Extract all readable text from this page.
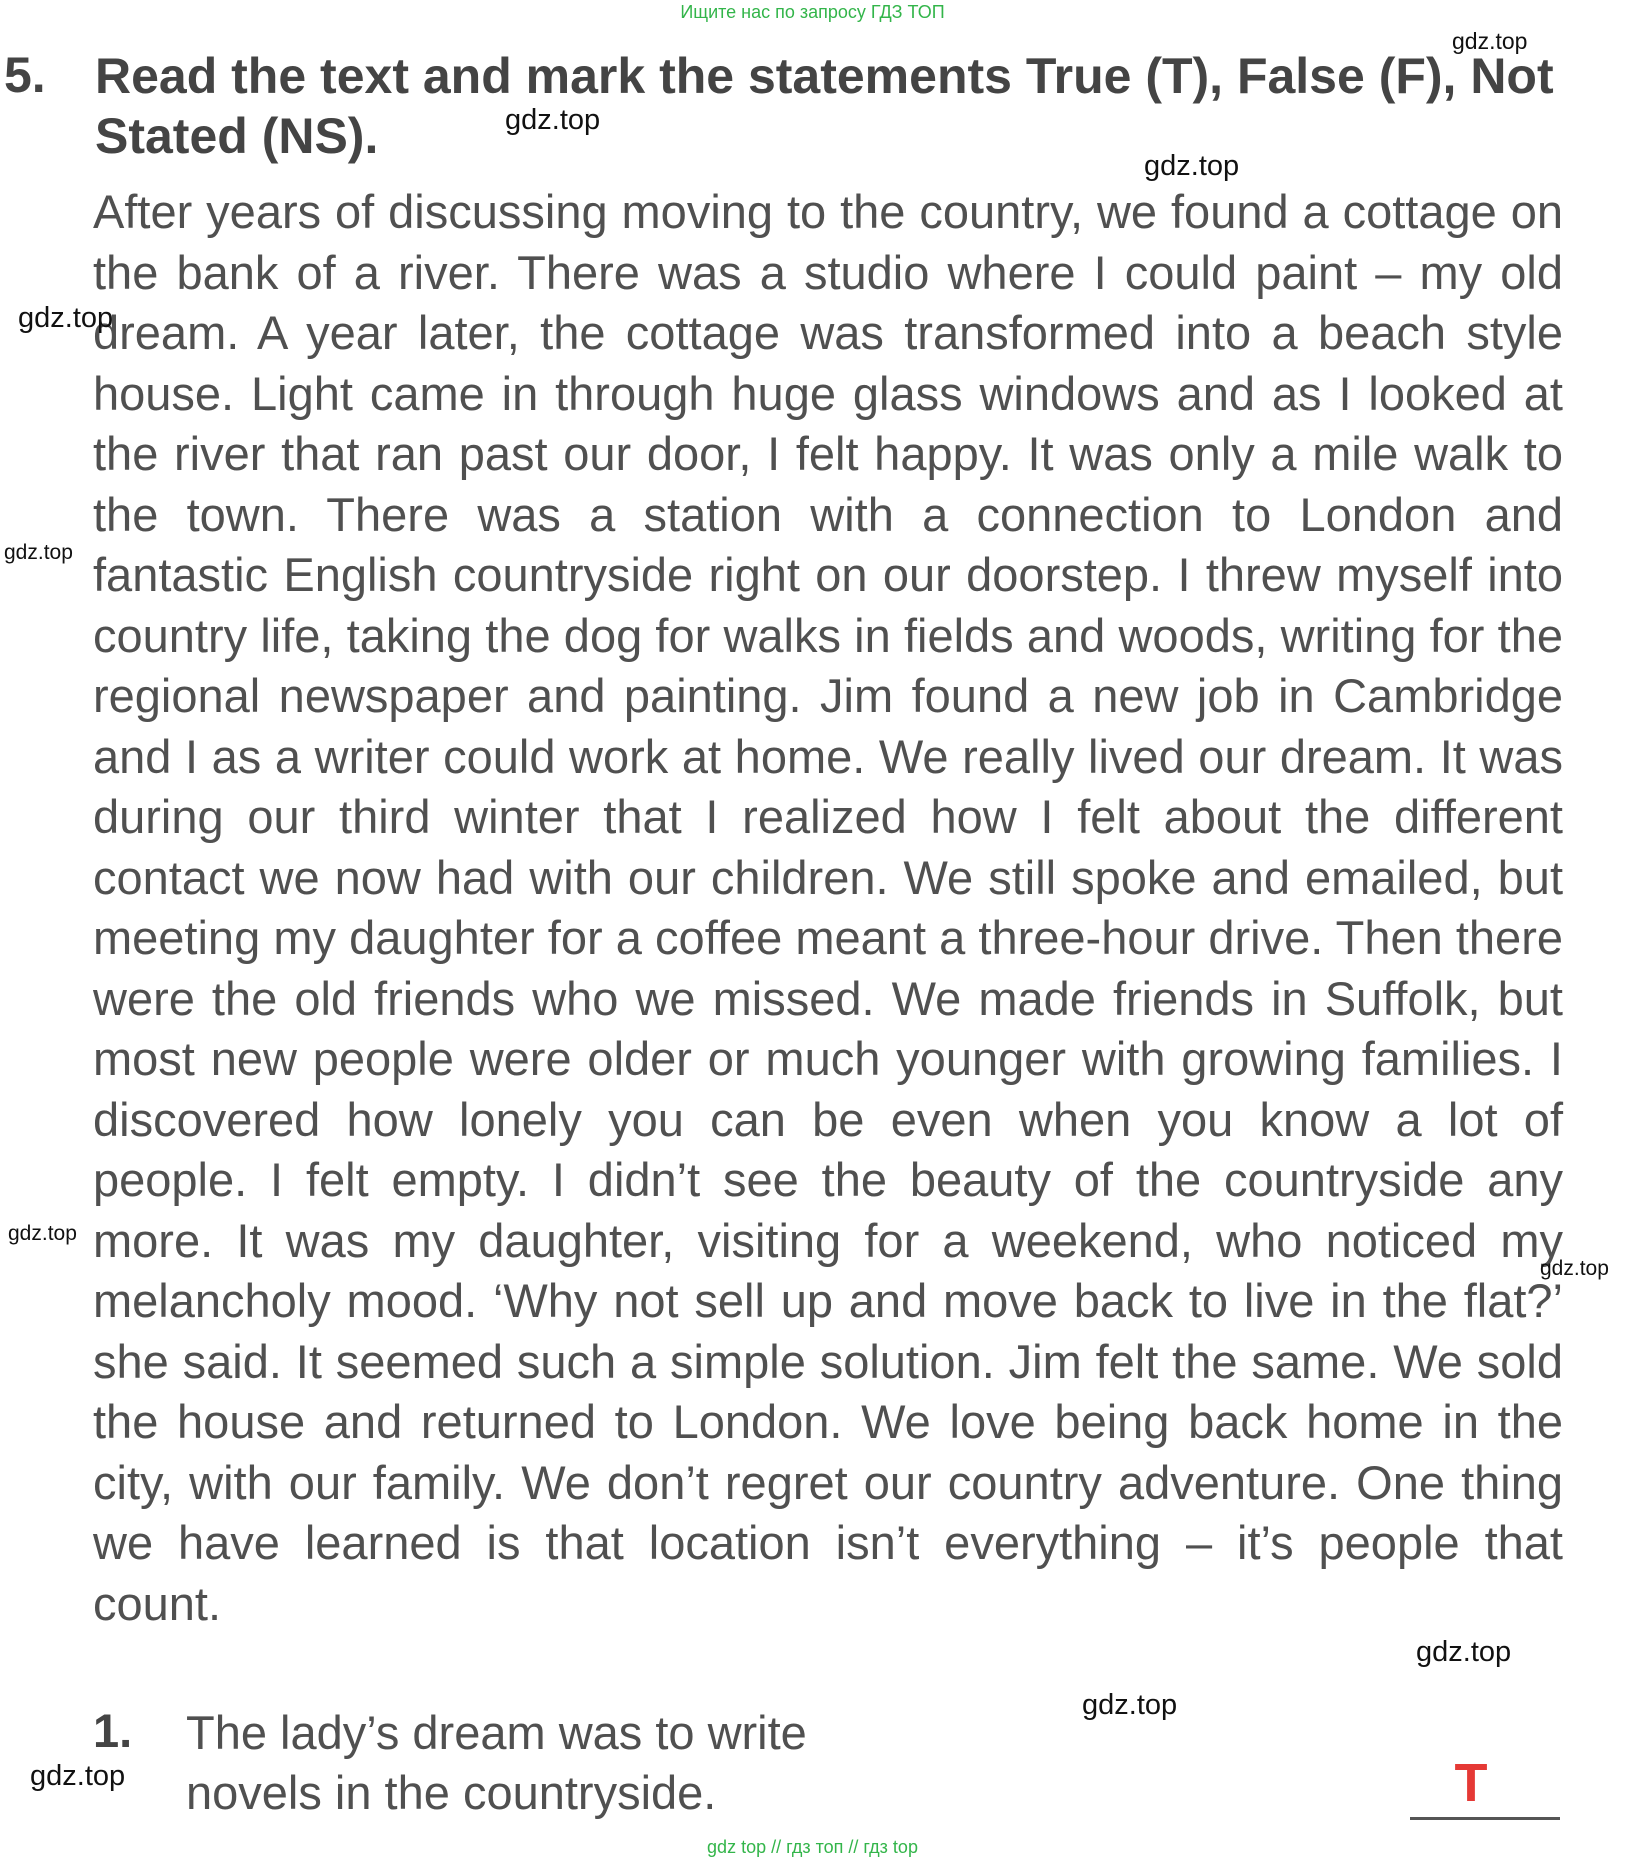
Ищите нас по запросу ГДЗ ТОП
5. Read the text and mark the statements True (T), False (F), Not Stated (NS).

After years of discussing moving to the country, we found a cottage on the bank of a river. There was a studio where I could paint – my old dream. A year later, the cottage was transformed into a beach style house. Light came in through huge glass windows and as I looked at the river that ran past our door, I felt happy. It was only a mile walk to the town. There was a station with a connection to London and fantastic English countryside right on our doorstep. I threw myself into country life, taking the dog for walks in fields and woods, writing for the regional newspaper and painting. Jim found a new job in Cambridge and I as a writer could work at home. We really lived our dream. It was during our third winter that I realized how I felt about the different contact we now had with our children. We still spoke and emailed, but meeting my daughter for a coffee meant a three-hour drive. Then there were the old friends who we missed. We made friends in Suffolk, but most new people were older or much younger with growing families. I discovered how lonely you can be even when you know a lot of people. I felt empty. I didn’t see the beauty of the countryside any more. It was my daughter, visiting for a weekend, who noticed my melancholy mood. ‘Why not sell up and move back to live in the flat?’ she said. It seemed such a simple solution. Jim felt the same. We sold the house and returned to London. We love being back home in the city, with our family. We don’t regret our country adventure. One thing we have learned is that location isn’t everything – it’s people that count.

1. The lady’s dream was to write novels in the countryside.	T
gdz.top
gdz.top
gdz.top
gdz.top
gdz.top
gdz.top
gdz.top
gdz.top
gdz.top
gdz.top
gdz top // гдз топ // гдз top
